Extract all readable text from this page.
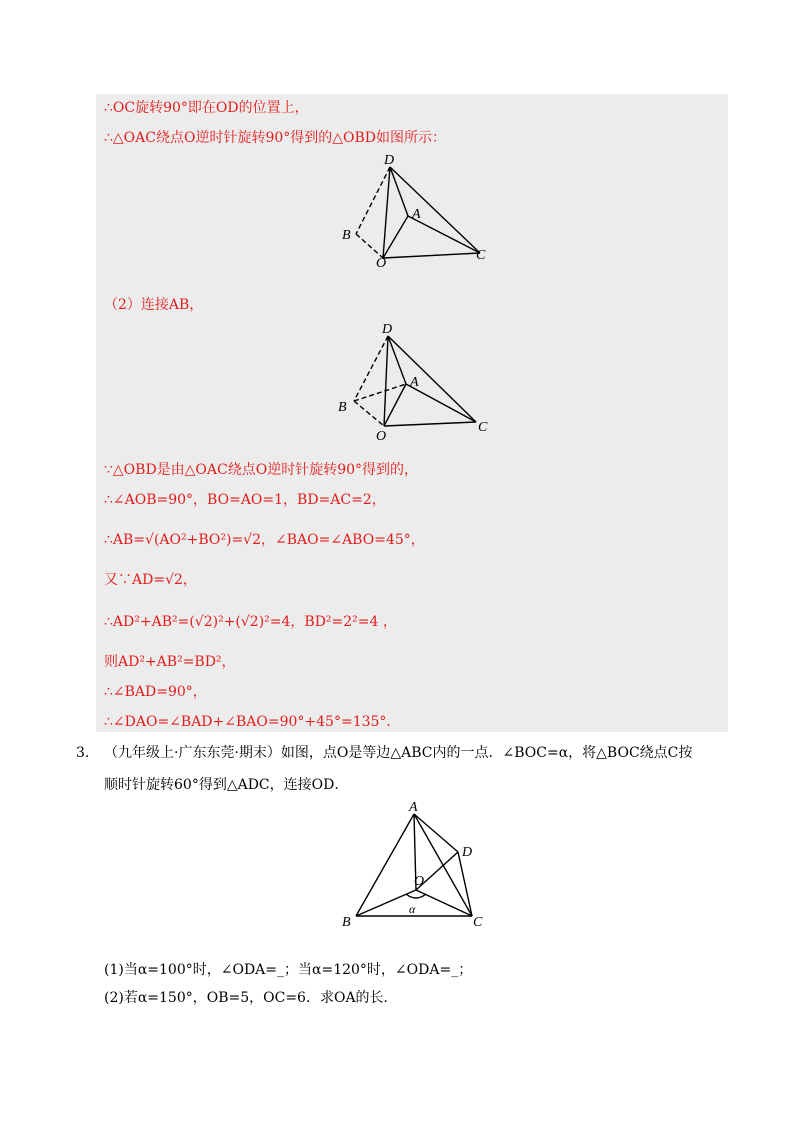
∴OC旋转90°即在OD的位置上，
∴△OAC绕点O逆时针旋转90°得到的△OBD如图所示：
D
A
B
O
C
（2）连接AB，
D
A
B
O
C
∵△OBD是由△OAC绕点O逆时针旋转90°得到的，
∴∠AOB=90°，BO=AO=1，BD=AC=2，
∴AB=√(AO²+BO²)=√2，∠BAO=∠ABO=45°，
又∵AD=√2，
∴AD²+AB²=(√2)²+(√2)²=4，BD²=2²=4 ，
则AD²+AB²=BD²，
∴∠BAD=90°，
∴∠DAO=∠BAD+∠BAO=90°+45°=135°．
3. （九年级上·广东东莞·期末）如图，点O是等边△ABC内的一点．∠BOC=α，将△BOC绕点C按
顺时针旋转60°得到△ADC，连接OD．
A
D
O
α
B	C
(1)当α=100°时，∠ODA=_；当α=120°时，∠ODA=_；
(2)若α=150°，OB=5，OC=6．求OA的长．
